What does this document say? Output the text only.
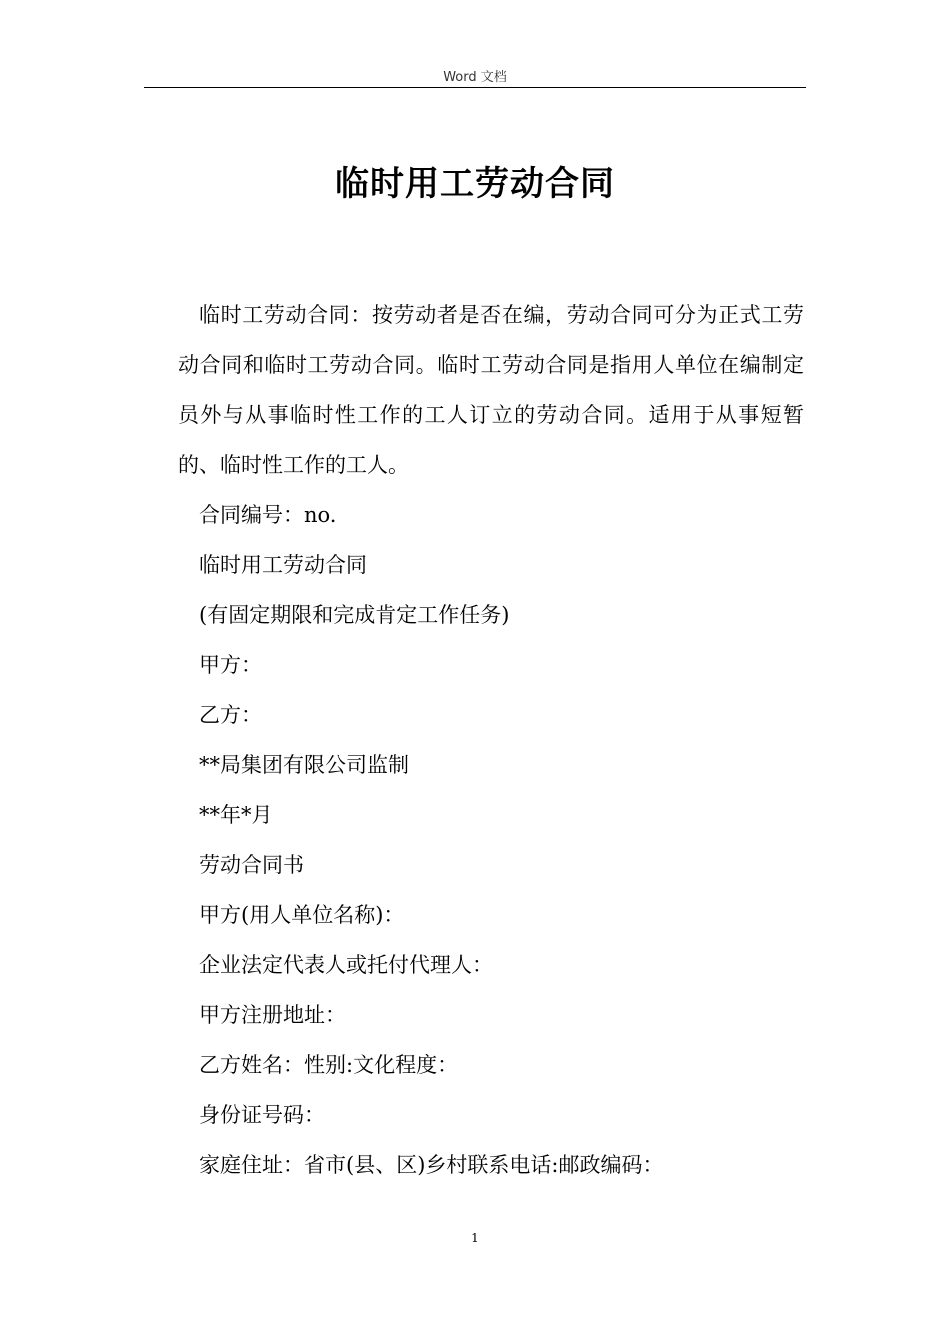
Word 文档
临时用工劳动合同

临时工劳动合同：按劳动者是否在编，劳动合同可分为正式工劳动合同和临时工劳动合同。临时工劳动合同是指用人单位在编制定员外与从事临时性工作的工人订立的劳动合同。适用于从事短暂的、临时性工作的工人。

合同编号：no.

临时用工劳动合同

(有固定期限和完成肯定工作任务)

甲方：

乙方：

**局集团有限公司监制

**年*月

劳动合同书

甲方(用人单位名称)：

企业法定代表人或托付代理人：

甲方注册地址：

乙方姓名：性别:文化程度：

身份证号码：

家庭住址：省市(县、区)乡村联系电话:邮政编码：

1
